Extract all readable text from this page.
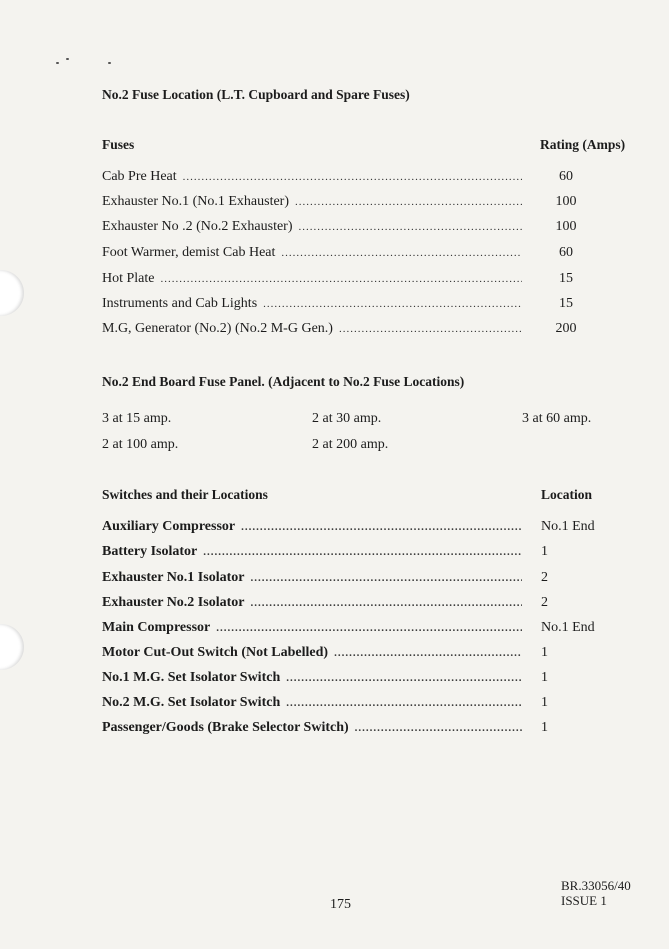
No.2 Fuse Location (L.T. Cupboard and Spare Fuses)
Fuses	Rating (Amps)
Cab Pre Heat .....	60
Exhauster No.1 (No.1 Exhauster) .....	100
Exhauster No .2 (No.2 Exhauster) .....	100
Foot Warmer, demist Cab Heat .....	60
Hot Plate .....	15
Instruments and Cab Lights .....	15
M.G, Generator (No.2) (No.2 M-G Gen.) .....	200
No.2 End Board Fuse Panel. (Adjacent to No.2 Fuse Locations)
3 at 15 amp.	2 at 30 amp.	3 at 60 amp.
2 at 100 amp.	2 at 200 amp.
Switches and their Locations	Location
Auxiliary Compressor .....	No.1 End
Battery Isolator .....	1
Exhauster No.1 Isolator .....	2
Exhauster No.2 Isolator .....	2
Main Compressor .....	No.1 End
Motor Cut-Out Switch (Not Labelled) .....	1
No.1 M.G. Set Isolator Switch .....	1
No.2 M.G. Set Isolator Switch .....	1
Passenger/Goods (Brake Selector Switch) .....	1
175
BR.33056/40
ISSUE 1
